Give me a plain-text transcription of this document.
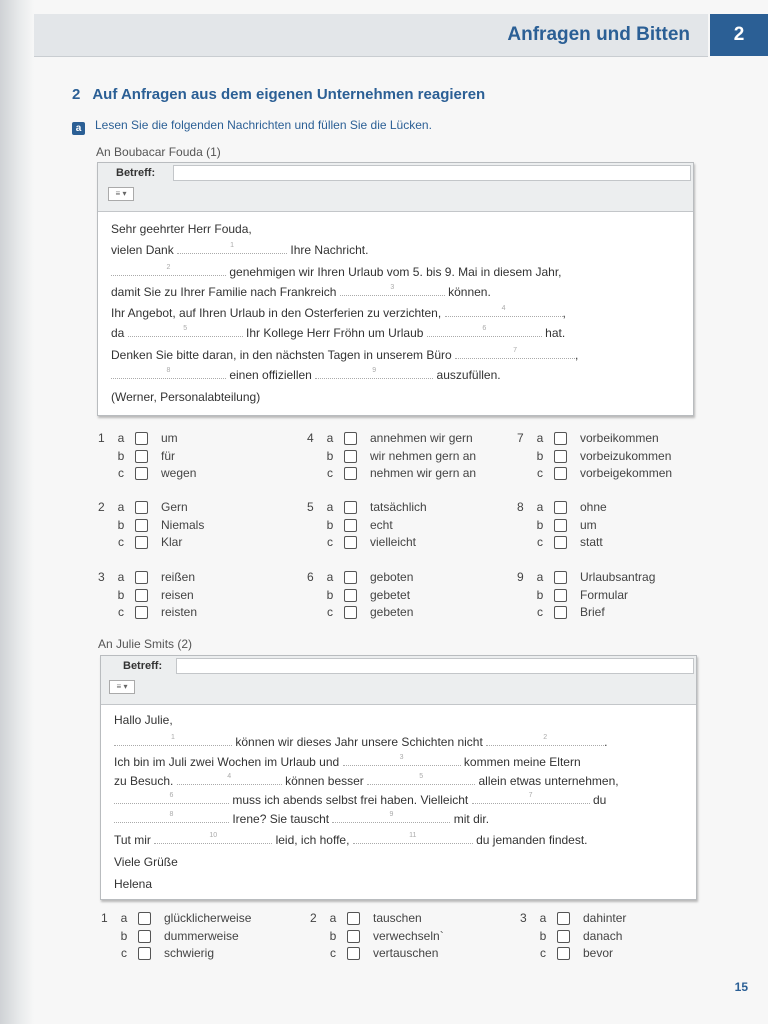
Anfragen und Bitten	2
2 Auf Anfragen aus dem eigenen Unternehmen reagieren
a Lesen Sie die folgenden Nachrichten und füllen Sie die Lücken.
An Boubacar Fouda (1)
Betreff:
≡ ▾
Sehr geehrter Herr Fouda,
vielen Dank	1	Ihre Nachricht.
2	genehmigen wir Ihren Urlaub vom 5. bis 9. Mai in diesem Jahr,
damit Sie zu Ihrer Familie nach Frankreich	3	können.
Ihr Angebot, auf Ihren Urlaub in den Osterferien zu verzichten,	4	,
da	5	Ihr Kollege Herr Fröhn um Urlaub	6	hat.
Denken Sie bitte daran, in den nächsten Tagen in unserem Büro	7	,
8	einen offiziellen	9	auszufüllen.
(Werner, Personalabteilung)
1	a	um
b	für
c	wegen
4	a	annehmen wir gern
b	wir nehmen gern an
c	nehmen wir gern an
7	a	vorbeikommen
b	vorbeizukommen
c	vorbeigekommen
2	a	Gern
b	Niemals
c	Klar
5	a	tatsächlich
b	echt
c	vielleicht
8	a	ohne
b	um
c	statt
3	a	reißen
b	reisen
c	reisten
6	a	geboten
b	gebetet
c	gebeten
9	a	Urlaubsantrag
b	Formular
c	Brief
An Julie Smits (2)
Betreff:
≡ ▾
Hallo Julie,
1	können wir dieses Jahr unsere Schichten nicht	2	.
Ich bin im Juli zwei Wochen im Urlaub und	3	kommen meine Eltern
zu Besuch.	4	können besser	5	allein etwas unternehmen,
6	muss ich abends selbst frei haben. Vielleicht	7	du
8	Irene? Sie tauscht	9	mit dir.
Tut mir	10	leid, ich hoffe,	11	du jemanden findest.
Viele Grüße
Helena
1	a	glücklicherweise
b	dummerweise
c	schwierig
2	a	tauschen
b	verwechseln`
c	vertauschen
3	a	dahinter
b	danach
c	bevor
15
